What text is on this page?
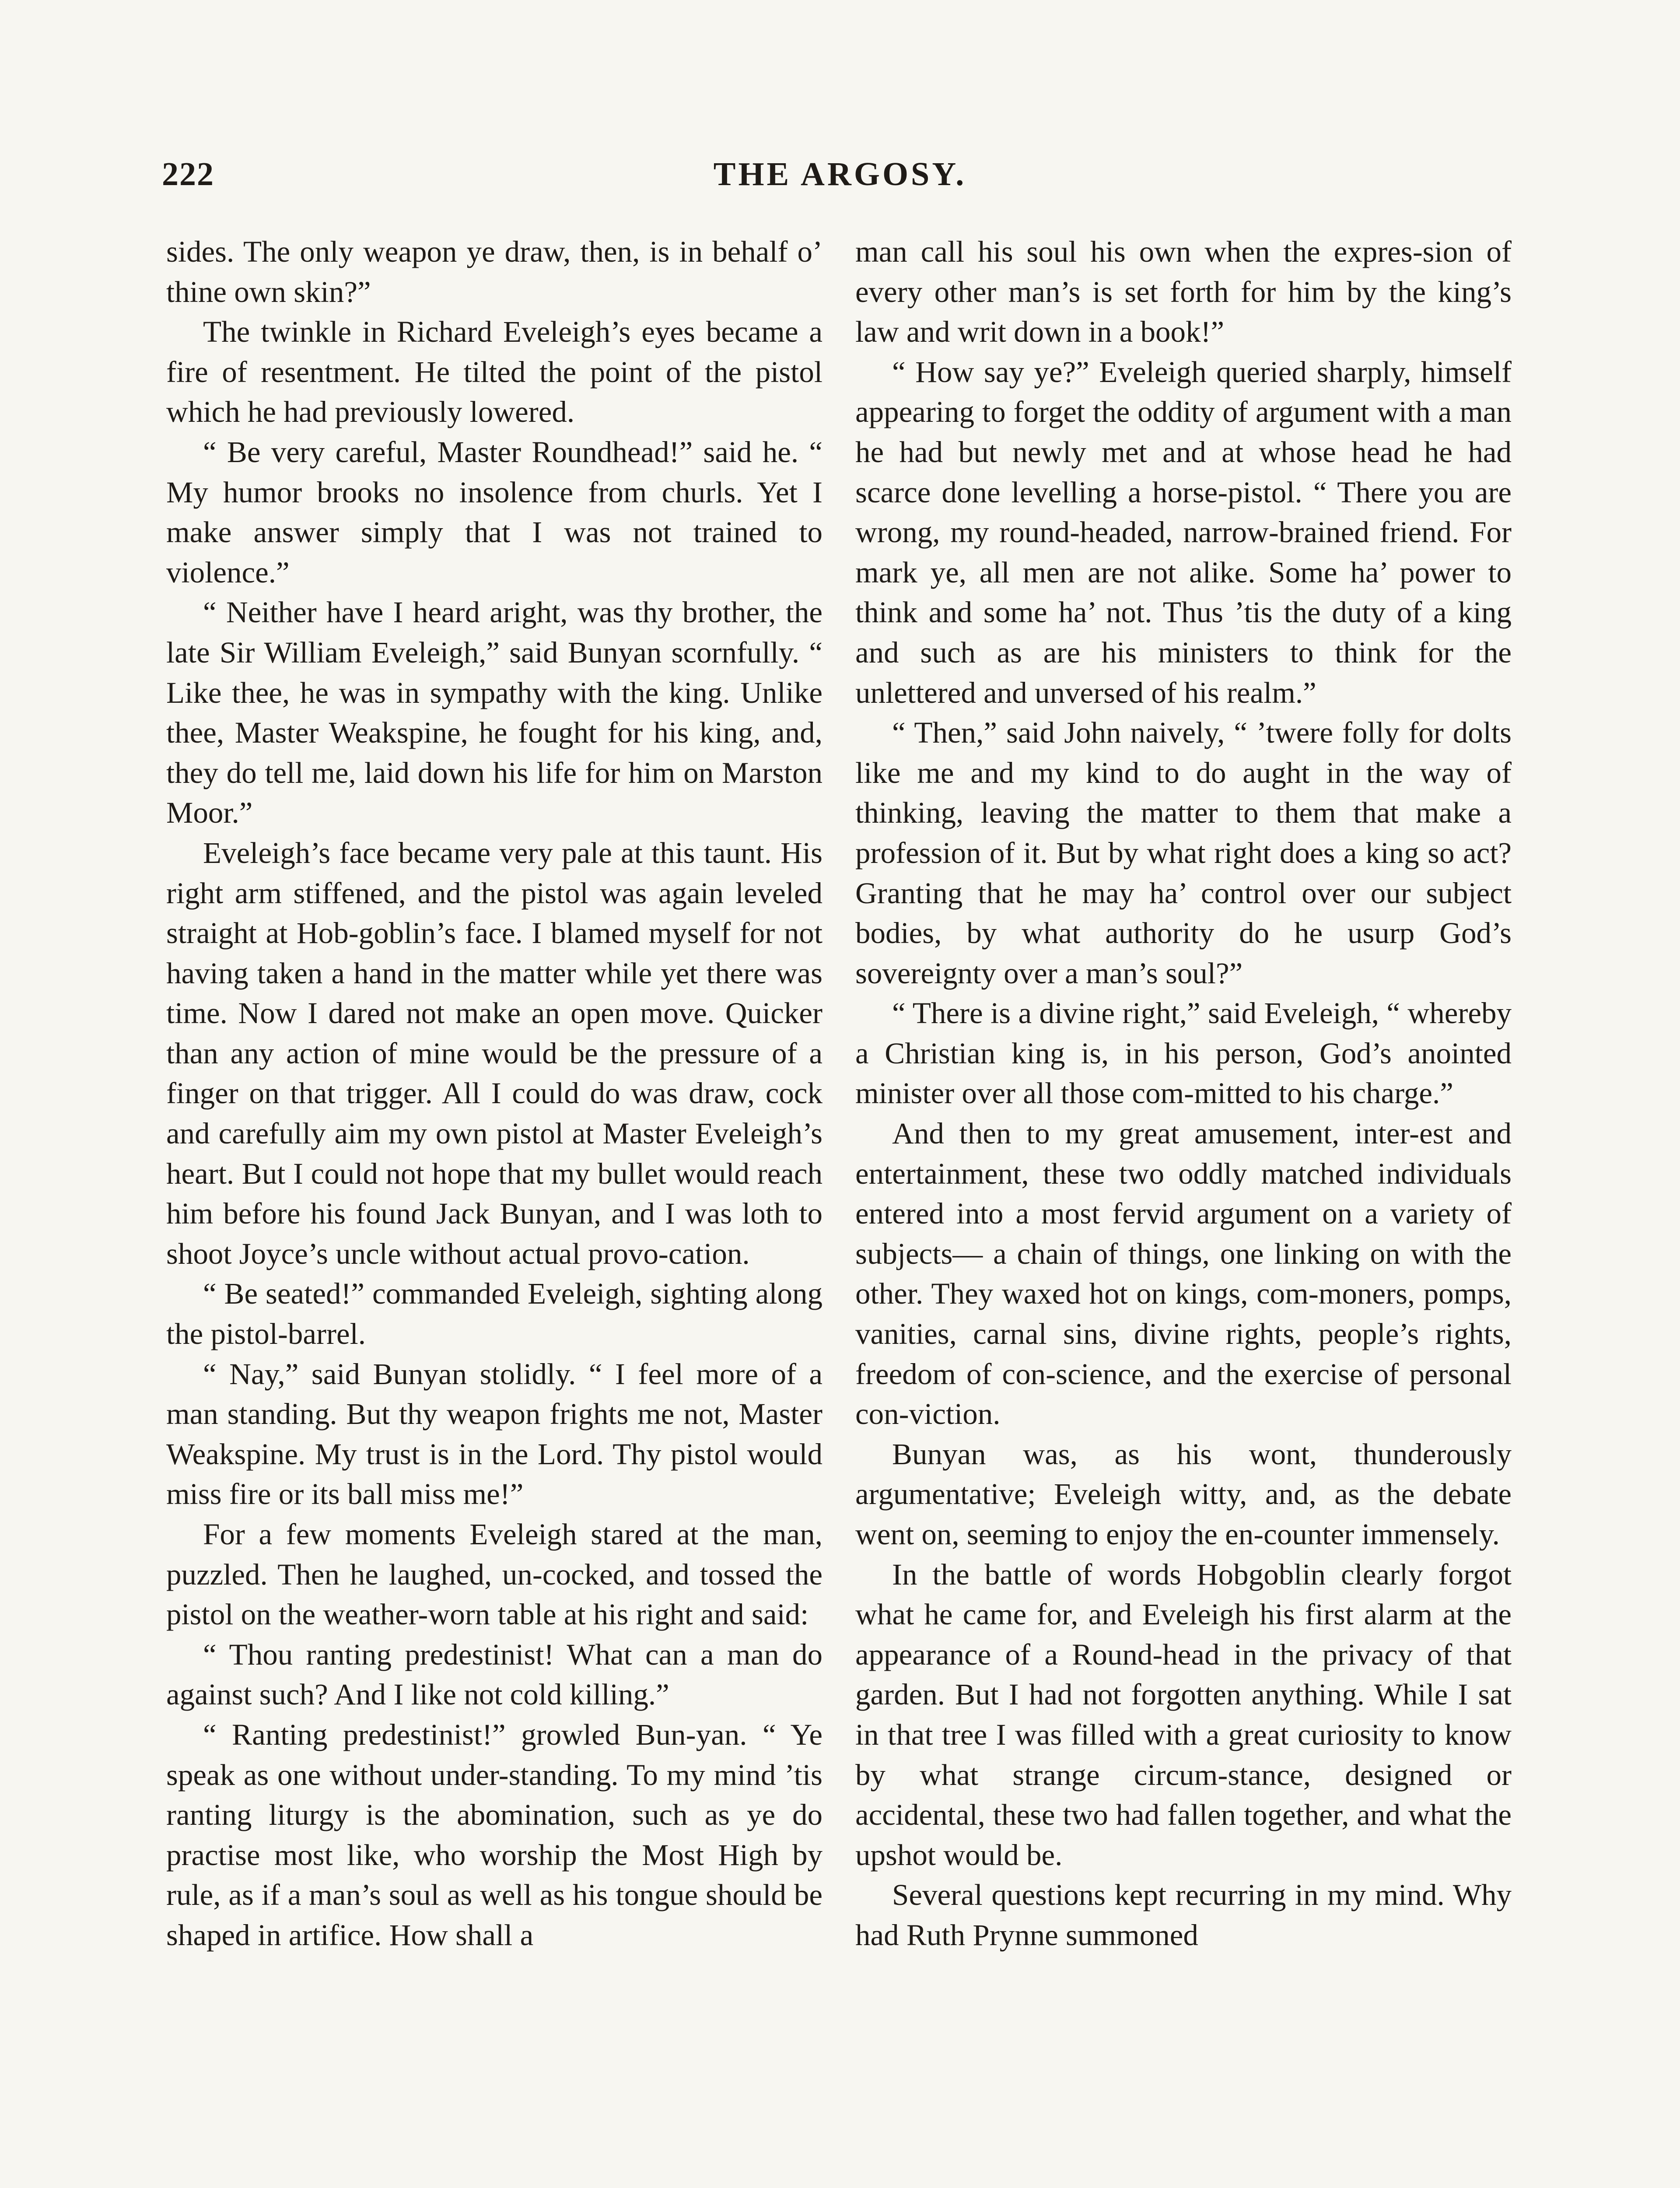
222	THE ARGOSY.

sides. The only weapon ye draw, then, is in behalf o’ thine own skin?”

The twinkle in Richard Eveleigh’s eyes became a fire of resentment. He tilted the point of the pistol which he had previously lowered.

“ Be very careful, Master Roundhead!” said he. “ My humor brooks no insolence from churls. Yet I make answer simply that I was not trained to violence.”

“ Neither have I heard aright, was thy brother, the late Sir William Eveleigh,” said Bunyan scornfully. “ Like thee, he was in sympathy with the king. Unlike thee, Master Weakspine, he fought for his king, and, they do tell me, laid down his life for him on Marston Moor.”

Eveleigh’s face became very pale at this taunt. His right arm stiffened, and the pistol was again leveled straight at Hob-goblin’s face. I blamed myself for not having taken a hand in the matter while yet there was time. Now I dared not make an open move. Quicker than any action of mine would be the pressure of a finger on that trigger. All I could do was draw, cock and carefully aim my own pistol at Master Eveleigh’s heart. But I could not hope that my bullet would reach him before his found Jack Bunyan, and I was loth to shoot Joyce’s uncle without actual provo-cation.

“ Be seated!” commanded Eveleigh, sighting along the pistol-barrel.

“ Nay,” said Bunyan stolidly. “ I feel more of a man standing. But thy weapon frights me not, Master Weakspine. My trust is in the Lord. Thy pistol would miss fire or its ball miss me!”

For a few moments Eveleigh stared at the man, puzzled. Then he laughed, un-cocked, and tossed the pistol on the weather-worn table at his right and said:

“ Thou ranting predestinist! What can a man do against such? And I like not cold killing.”

“ Ranting predestinist!” growled Bun-yan. “ Ye speak as one without under-standing. To my mind ’tis ranting liturgy is the abomination, such as ye do practise most like, who worship the Most High by rule, as if a man’s soul as well as his tongue should be shaped in artifice. How shall a

man call his soul his own when the expres-sion of every other man’s is set forth for him by the king’s law and writ down in a book!”

“ How say ye?” Eveleigh queried sharply, himself appearing to forget the oddity of argument with a man he had but newly met and at whose head he had scarce done levelling a horse-pistol. “ There you are wrong, my round-headed, narrow-brained friend. For mark ye, all men are not alike. Some ha’ power to think and some ha’ not. Thus ’tis the duty of a king and such as are his ministers to think for the unlettered and unversed of his realm.”

“ Then,” said John naively, “ ’twere folly for dolts like me and my kind to do aught in the way of thinking, leaving the matter to them that make a profession of it. But by what right does a king so act? Granting that he may ha’ control over our subject bodies, by what authority do he usurp God’s sovereignty over a man’s soul?”

“ There is a divine right,” said Eveleigh, “ whereby a Christian king is, in his person, God’s anointed minister over all those com-mitted to his charge.”

And then to my great amusement, inter-est and entertainment, these two oddly matched individuals entered into a most fervid argument on a variety of subjects— a chain of things, one linking on with the other. They waxed hot on kings, com-moners, pomps, vanities, carnal sins, divine rights, people’s rights, freedom of con-science, and the exercise of personal con-viction.

Bunyan was, as his wont, thunderously argumentative; Eveleigh witty, and, as the debate went on, seeming to enjoy the en-counter immensely.

In the battle of words Hobgoblin clearly forgot what he came for, and Eveleigh his first alarm at the appearance of a Round-head in the privacy of that garden. But I had not forgotten anything. While I sat in that tree I was filled with a great curiosity to know by what strange circum-stance, designed or accidental, these two had fallen together, and what the upshot would be.

Several questions kept recurring in my mind. Why had Ruth Prynne summoned
